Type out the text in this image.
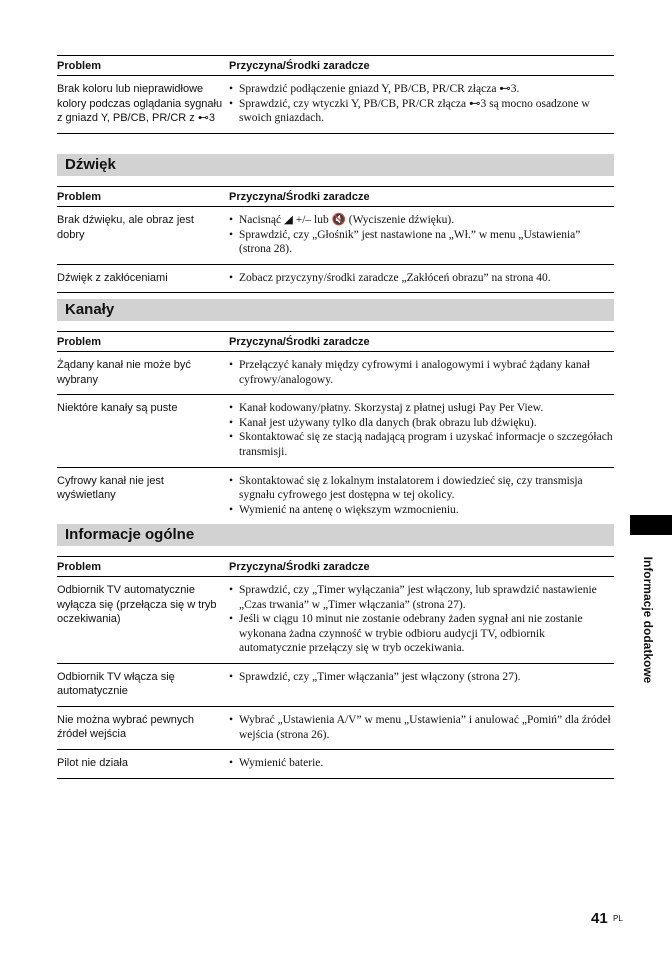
Problem	Przyczyna/Środki zaradcze
Brak koloru lub nieprawidłowe kolory podczas oglądania sygnału z gniazd Y, PB/CB, PR/CR z ⊷3
• Sprawdzić podłączenie gniazd Y, PB/CB, PR/CR złącza ⊷3.
• Sprawdzić, czy wtyczki Y, PB/CB, PR/CR złącza ⊷3 są mocno osadzone w swoich gniazdach.
Dźwięk
Problem	Przyczyna/Środki zaradcze
Brak dźwięku, ale obraz jest dobry
• Nacisnąć ◢ +/– lub 🔇 (Wyciszenie dźwięku).
• Sprawdzić, czy „Głośnik” jest nastawione na „Wł.” w menu „Ustawienia” (strona 28).
Dźwięk z zakłóceniami	• Zobacz przyczyny/środki zaradcze „Zakłóceń obrazu” na strona 40.
Kanały
Problem	Przyczyna/Środki zaradcze
Żądany kanał nie może być wybrany
• Przełączyć kanały między cyfrowymi i analogowymi i wybrać żądany kanał cyfrowy/analogowy.
Niektóre kanały są puste	• Kanał kodowany/płatny. Skorzystaj z płatnej usługi Pay Per View.
• Kanał jest używany tylko dla danych (brak obrazu lub dźwięku).
• Skontaktować się ze stacją nadającą program i uzyskać informacje o szczegółach transmisji.
Cyfrowy kanał nie jest wyświetlany
• Skontaktować się z lokalnym instalatorem i dowiedzieć się, czy transmisja sygnału cyfrowego jest dostępna w tej okolicy.
• Wymienić na antenę o większym wzmocnieniu.
Informacje ogólne
Problem	Przyczyna/Środki zaradcze
Odbiornik TV automatycznie wyłącza się (przełącza się w tryb oczekiwania)
• Sprawdzić, czy „Timer wyłączania” jest włączony, lub sprawdzić nastawienie „Czas trwania” w „Timer włączania” (strona 27).
• Jeśli w ciągu 10 minut nie zostanie odebrany żaden sygnał ani nie zostanie wykonana żadna czynność w trybie odbioru audycji TV, odbiornik automatycznie przełączy się w tryb oczekiwania.
Odbiornik TV włącza się automatycznie
• Sprawdzić, czy „Timer włączania” jest włączony (strona 27).
Nie można wybrać pewnych źródeł wejścia
• Wybrać „Ustawienia A/V” w menu „Ustawienia” i anulować „Pomiń” dla źródeł wejścia (strona 26).
Pilot nie działa	• Wymienić baterie.
Informacje dodatkowe
41 PL
